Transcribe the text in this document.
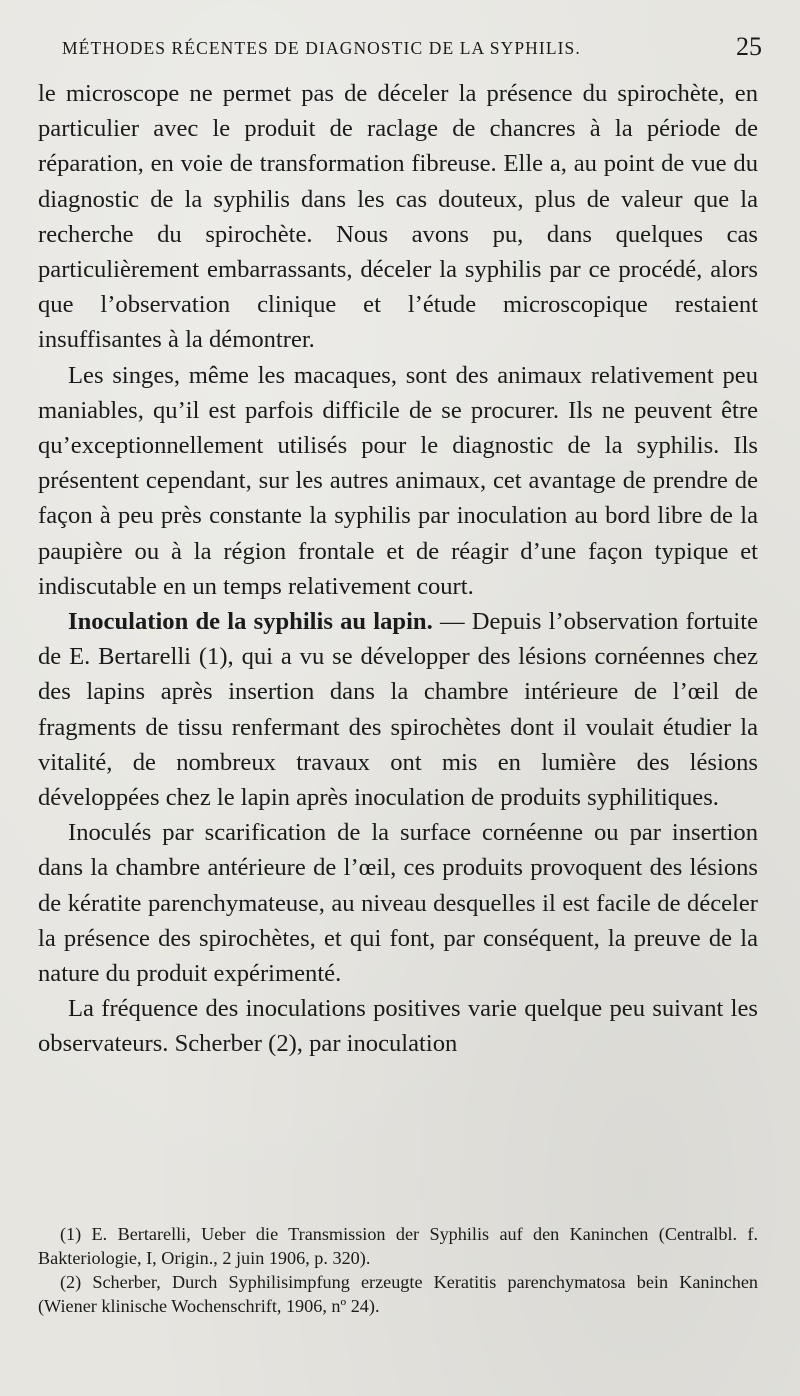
MÉTHODES RÉCENTES DE DIAGNOSTIC DE LA SYPHILIS.	25

le microscope ne permet pas de déceler la présence du spirochète, en particulier avec le produit de raclage de chancres à la période de réparation, en voie de transformation fibreuse. Elle a, au point de vue du diagnostic de la syphilis dans les cas douteux, plus de valeur que la recherche du spirochète. Nous avons pu, dans quelques cas particulièrement embarrassants, déceler la syphilis par ce procédé, alors que l’observation clinique et l’étude microscopique restaient insuffisantes à la démontrer.

Les singes, même les macaques, sont des animaux relativement peu maniables, qu’il est parfois difficile de se procurer. Ils ne peuvent être qu’exceptionnellement utilisés pour le diagnostic de la syphilis. Ils présentent cependant, sur les autres animaux, cet avantage de prendre de façon à peu près constante la syphilis par inoculation au bord libre de la paupière ou à la région frontale et de réagir d’une façon typique et indiscutable en un temps relativement court.

Inoculation de la syphilis au lapin. — Depuis l’observation fortuite de E. Bertarelli (1), qui a vu se développer des lésions cornéennes chez des lapins après insertion dans la chambre intérieure de l’œil de fragments de tissu renfermant des spirochètes dont il voulait étudier la vitalité, de nombreux travaux ont mis en lumière des lésions développées chez le lapin après inoculation de produits syphilitiques.

Inoculés par scarification de la surface cornéenne ou par insertion dans la chambre antérieure de l’œil, ces produits provoquent des lésions de kératite parenchymateuse, au niveau desquelles il est facile de déceler la présence des spirochètes, et qui font, par conséquent, la preuve de la nature du produit expérimenté.

La fréquence des inoculations positives varie quelque peu suivant les observateurs. Scherber (2), par inoculation

(1) E. Bertarelli, Ueber die Transmission der Syphilis auf den Kaninchen (Centralbl. f. Bakteriologie, I, Origin., 2 juin 1906, p. 320).

(2) Scherber, Durch Syphilisimpfung erzeugte Keratitis parenchymatosa bein Kaninchen (Wiener klinische Wochenschrift, 1906, nº 24).
